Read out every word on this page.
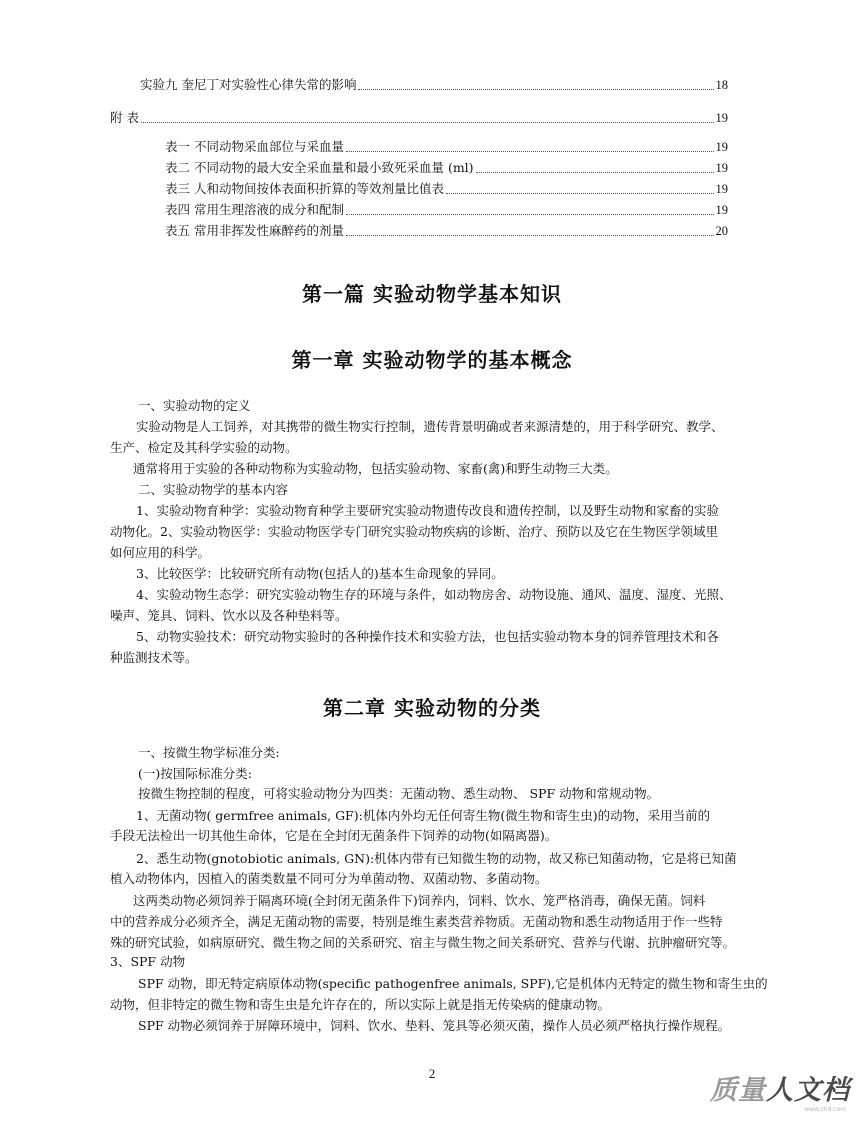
实验九 奎尼丁对实验性心律失常的影响	18
附 表	19
表一 不同动物采血部位与采血量	19
表二 不同动物的最大安全采血量和最小致死采血量 (ml)	19
表三 人和动物间按体表面积折算的等效剂量比值表	19
表四 常用生理溶液的成分和配制	19
表五 常用非挥发性麻醉药的剂量	20
第一篇 实验动物学基本知识
第一章 实验动物学的基本概念
一、实验动物的定义
实验动物是人工饲养，对其携带的微生物实行控制，遗传背景明确或者来源清楚的，用于科学研究、教学、
生产、检定及其科学实验的动物。
通常将用于实验的各种动物称为实验动物，包括实验动物、家畜(禽)和野生动物三大类。
二、实验动物学的基本内容
1、实验动物育种学：实验动物育种学主要研究实验动物遗传改良和遗传控制，以及野生动物和家畜的实验
动物化。2、实验动物医学：实验动物医学专门研究实验动物疾病的诊断、治疗、预防以及它在生物医学领域里
如何应用的科学。
3、比较医学：比较研究所有动物(包括人的)基本生命现象的异同。
4、实验动物生态学：研究实验动物生存的环境与条件，如动物房舍、动物设施、通风、温度、湿度、光照、
噪声、笼具、饲料、饮水以及各种垫料等。
5、动物实验技术：研究动物实验时的各种操作技术和实验方法，也包括实验动物本身的饲养管理技术和各
种监测技术等。
第二章 实验动物的分类
一、按微生物学标准分类:
(一)按国际标准分类:
按微生物控制的程度，可将实验动物分为四类：无菌动物、悉生动物、 SPF 动物和常规动物。
1、无菌动物( germfree animals, GF):机体内外均无任何寄生物(微生物和寄生虫)的动物，采用当前的
手段无法检出一切其他生命体，它是在全封闭无菌条件下饲养的动物(如隔离器)。
2、悉生动物(gnotobiotic animals, GN):机体内带有已知微生物的动物，故又称已知菌动物，它是将已知菌
植入动物体内，因植入的菌类数量不同可分为单菌动物、双菌动物、多菌动物。
这两类动物必须饲养于隔离环境(全封闭无菌条件下)饲养内，饲料、饮水、笼严格消毒，确保无菌。饲料
中的营养成分必须齐全，满足无菌动物的需要，特别是维生素类营养物质。无菌动物和悉生动物适用于作一些特
殊的研究试验，如病原研究、微生物之间的关系研究、宿主与微生物之间关系研究、营养与代谢、抗肿瘤研究等。
3、SPF 动物
SPF 动物，即无特定病原体动物(specific pathogenfree animals, SPF),它是机体内无特定的微生物和寄生虫的
动物，但非特定的微生物和寄生虫是允许存在的，所以实际上就是指无传染病的健康动物。
SPF 动物必须饲养于屏障环境中，饲料、饮水、垫料、笼具等必须灭菌，操作人员必须严格执行操作规程。
2
质量人文档
www.zlrd.com
